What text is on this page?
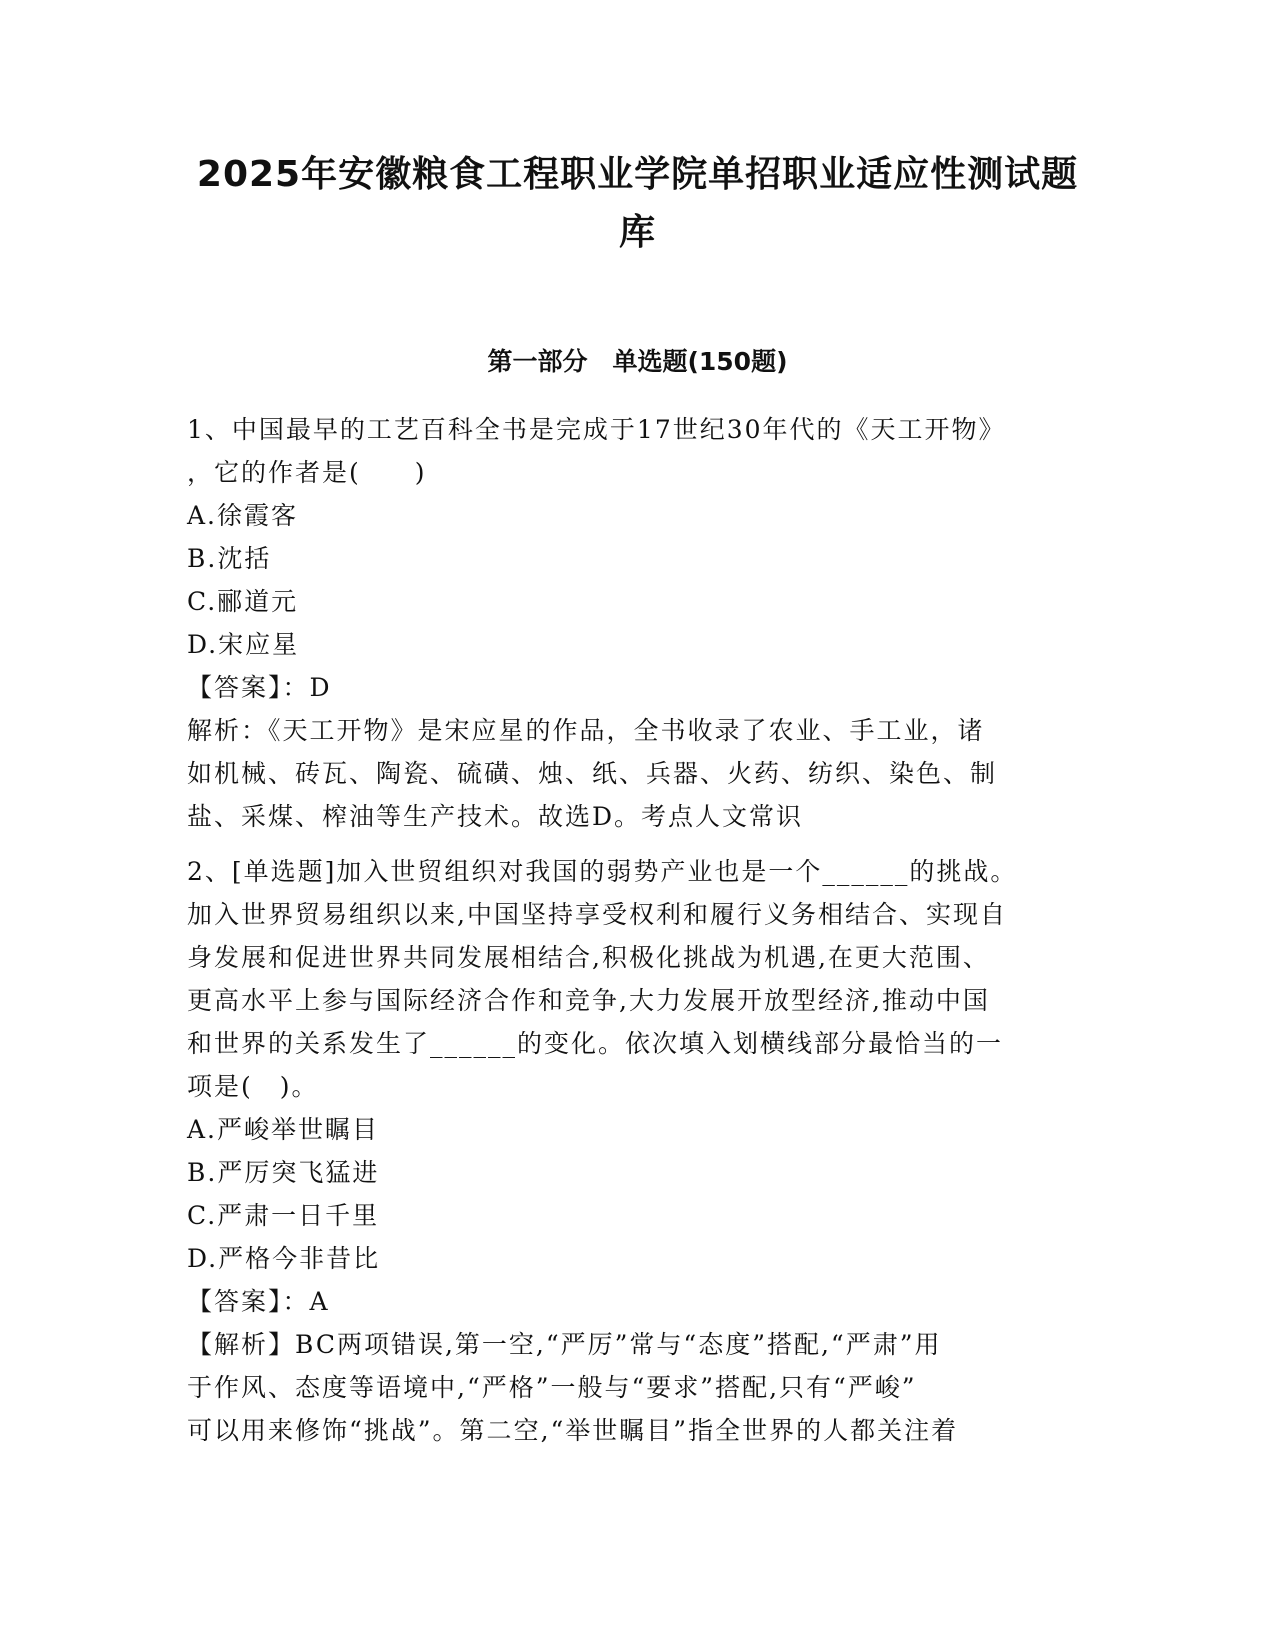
2025年安徽粮食工程职业学院单招职业适应性测试题
库
第一部分　单选题(150题)

1、中国最早的工艺百科全书是完成于17世纪30年代的《天工开物》

，它的作者是(　　)

A.徐霞客

B.沈括

C.郦道元

D.宋应星

【答案】：D

解析：《天工开物》是宋应星的作品，全书收录了农业、手工业，诸

如机械、砖瓦、陶瓷、硫磺、烛、纸、兵器、火药、纺织、染色、制

盐、采煤、榨油等生产技术。故选D。考点人文常识

2、[单选题]加入世贸组织对我国的弱势产业也是一个______的挑战。

加入世界贸易组织以来,中国坚持享受权利和履行义务相结合、实现自

身发展和促进世界共同发展相结合,积极化挑战为机遇,在更大范围、

更高水平上参与国际经济合作和竞争,大力发展开放型经济,推动中国

和世界的关系发生了______的变化。依次填入划横线部分最恰当的一

项是(　)。

A.严峻举世瞩目

B.严厉突飞猛进

C.严肃一日千里

D.严格今非昔比

【答案】：A

【解析】BC两项错误,第一空,“严厉”常与“态度”搭配,“严肃”用

于作风、态度等语境中,“严格”一般与“要求”搭配,只有“严峻”

可以用来修饰“挑战”。第二空,“举世瞩目”指全世界的人都关注着
